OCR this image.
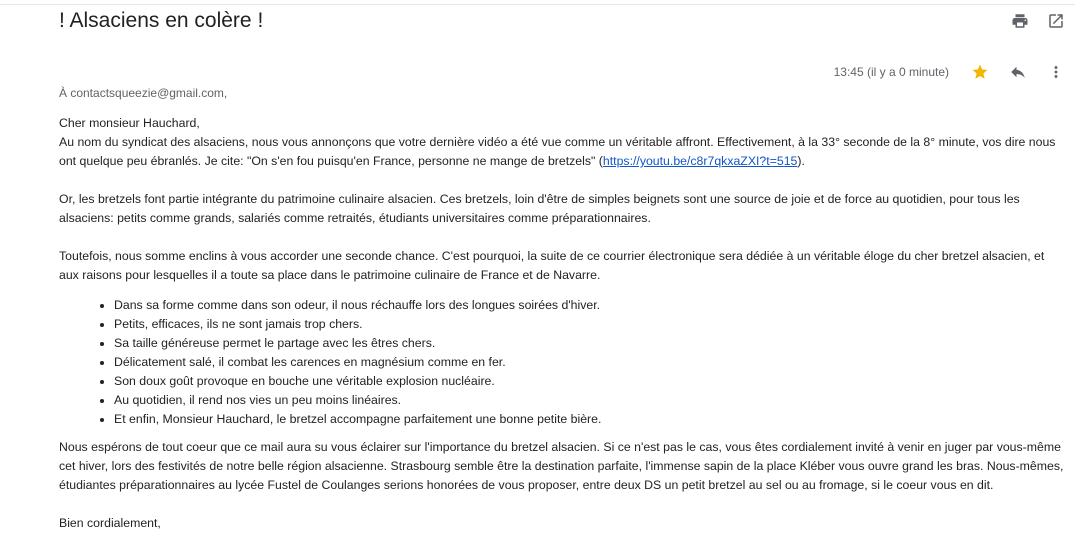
! Alsaciens en colère !
13:45 (il y a 0 minute)
À contactsqueezie@gmail.com,

Cher monsieur Hauchard,

Au nom du syndicat des alsaciens, nous vous annonçons que votre dernière vidéo a été vue comme un véritable affront. Effectivement, à la 33° seconde de la 8° minute, vos dire nous ont quelque peu ébranlés. Je cite: "On s'en fou puisqu'en France, personne ne mange de bretzels" (https://youtu.be/c8r7qkxaZXI?t=515).

Or, les bretzels font partie intégrante du patrimoine culinaire alsacien. Ces bretzels, loin d'être de simples beignets sont une source de joie et de force au quotidien, pour tous les alsaciens: petits comme grands, salariés comme retraités, étudiants universitaires comme préparationnaires.

Toutefois, nous somme enclins à vous accorder une seconde chance. C'est pourquoi, la suite de ce courrier électronique sera dédiée à un véritable éloge du cher bretzel alsacien, et aux raisons pour lesquelles il a toute sa place dans le patrimoine culinaire de France et de Navarre.

• Dans sa forme comme dans son odeur, il nous réchauffe lors des longues soirées d'hiver.
• Petits, efficaces, ils ne sont jamais trop chers.
• Sa taille généreuse permet le partage avec les êtres chers.
• Délicatement salé, il combat les carences en magnésium comme en fer.
• Son doux goût provoque en bouche une véritable explosion nucléaire.
• Au quotidien, il rend nos vies un peu moins linéaires.
• Et enfin, Monsieur Hauchard, le bretzel accompagne parfaitement une bonne petite bière.

Nous espérons de tout coeur que ce mail aura su vous éclairer sur l'importance du bretzel alsacien. Si ce n'est pas le cas, vous êtes cordialement invité à venir en juger par vous-même cet hiver, lors des festivités de notre belle région alsacienne. Strasbourg semble être la destination parfaite, l'immense sapin de la place Kléber vous ouvre grand les bras. Nous-mêmes, étudiantes préparationnaires au lycée Fustel de Coulanges serions honorées de vous proposer, entre deux DS un petit bretzel au sel ou au fromage, si le coeur vous en dit.

Bien cordialement,
